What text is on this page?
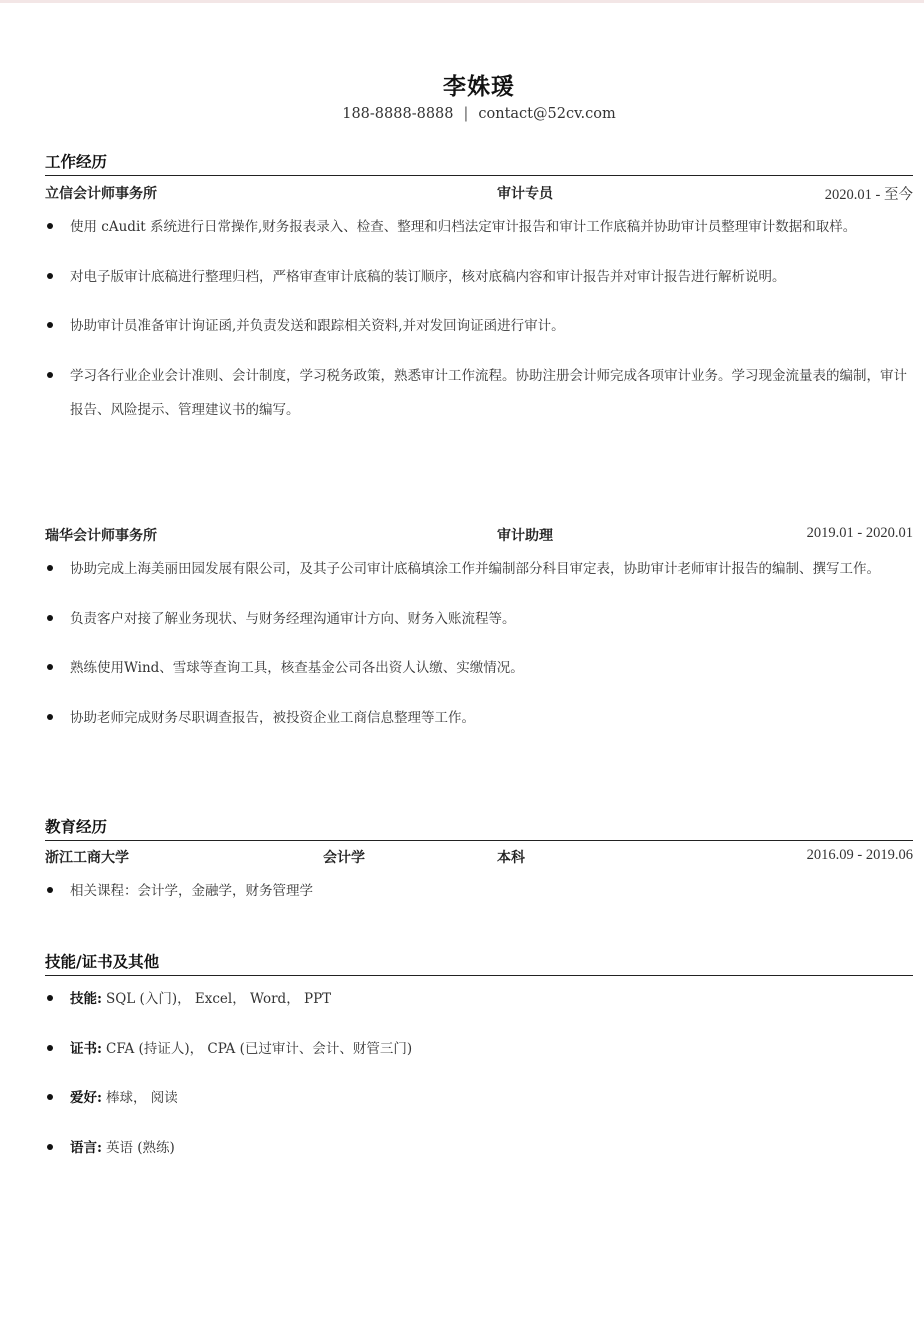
李姝瑗
188-8888-8888 | contact@52cv.com
工作经历
立信会计师事务所	审计专员	2020.01 - 至今
使用 cAudit 系统进行日常操作,财务报表录入、检查、整理和归档法定审计报告和审计工作底稿并协助审计员整理审计数据和取样。
对电子版审计底稿进行整理归档，严格审查审计底稿的装订顺序，核对底稿内容和审计报告并对审计报告进行解析说明。
协助审计员准备审计询证函,并负责发送和跟踪相关资料,并对发回询证函进行审计。
学习各行业企业会计准则、会计制度，学习税务政策，熟悉审计工作流程。协助注册会计师完成各项审计业务。学习现金流量表的编制，审计报告、风险提示、管理建议书的编写。
瑞华会计师事务所	审计助理	2019.01 - 2020.01
协助完成上海美丽田园发展有限公司，及其子公司审计底稿填涂工作并编制部分科目审定表，协助审计老师审计报告的编制、撰写工作。
负责客户对接了解业务现状、与财务经理沟通审计方向、财务入账流程等。
熟练使用Wind、雪球等查询工具，核查基金公司各出资人认缴、实缴情况。
协助老师完成财务尽职调查报告，被投资企业工商信息整理等工作。
教育经历
浙江工商大学	会计学	本科	2016.09 - 2019.06
相关课程：会计学，金融学，财务管理学
技能/证书及其他
技能: SQL (入门)， Excel， Word， PPT
证书: CFA (持证人)， CPA (已过审计、会计、财管三门)
爱好: 棒球， 阅读
语言: 英语 (熟练)
